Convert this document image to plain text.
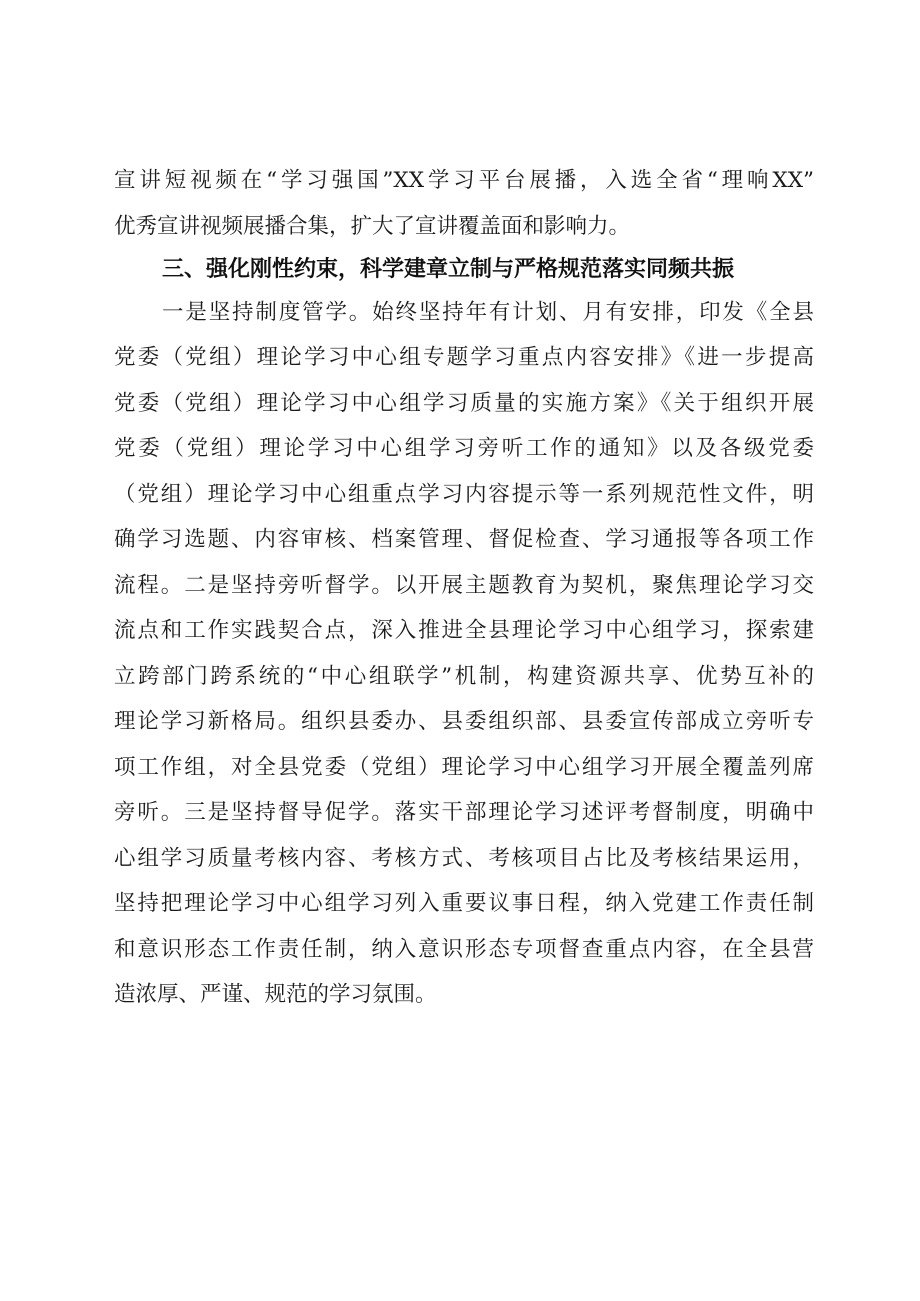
宣讲短视频在“学习强国”XX学习平台展播，入选全省“理响XX”
优秀宣讲视频展播合集，扩大了宣讲覆盖面和影响力。
三、强化刚性约束，科学建章立制与严格规范落实同频共振
一是坚持制度管学。始终坚持年有计划、月有安排，印发《全县
党委（党组）理论学习中心组专题学习重点内容安排》《进一步提高
党委（党组）理论学习中心组学习质量的实施方案》《关于组织开展
党委（党组）理论学习中心组学习旁听工作的通知》以及各级党委
（党组）理论学习中心组重点学习内容提示等一系列规范性文件，明
确学习选题、内容审核、档案管理、督促检查、学习通报等各项工作
流程。二是坚持旁听督学。以开展主题教育为契机，聚焦理论学习交
流点和工作实践契合点，深入推进全县理论学习中心组学习，探索建
立跨部门跨系统的“中心组联学”机制，构建资源共享、优势互补的
理论学习新格局。组织县委办、县委组织部、县委宣传部成立旁听专
项工作组，对全县党委（党组）理论学习中心组学习开展全覆盖列席
旁听。三是坚持督导促学。落实干部理论学习述评考督制度，明确中
心组学习质量考核内容、考核方式、考核项目占比及考核结果运用，
坚持把理论学习中心组学习列入重要议事日程，纳入党建工作责任制
和意识形态工作责任制，纳入意识形态专项督查重点内容，在全县营
造浓厚、严谨、规范的学习氛围。
